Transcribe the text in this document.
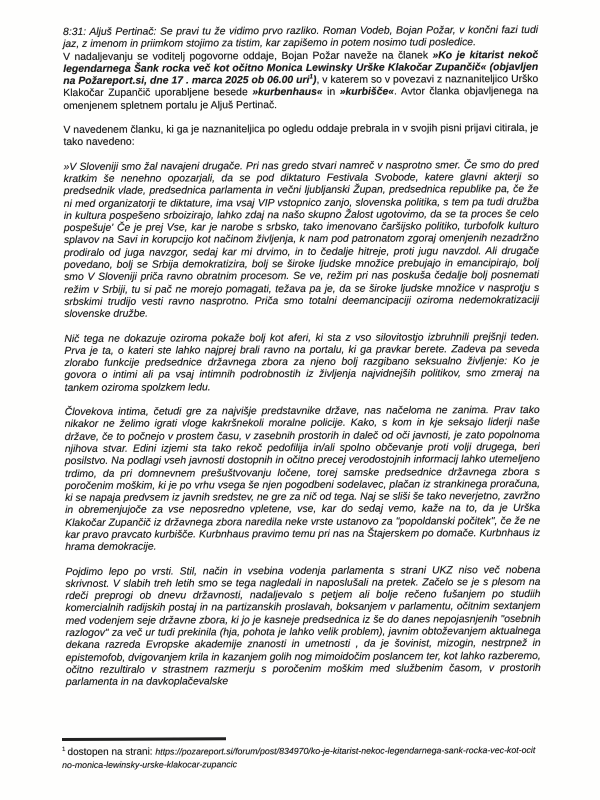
8:31: Aljuš Pertinač: Se pravi tu že vidimo prvo razliko. Roman Vodeb, Bojan Požar, v končni fazi tudi jaz, z imenom in priimkom stojimo za tistim, kar zapišemo in potem nosimo tudi posledice.
V nadaljevanju se voditelj pogovorne oddaje, Bojan Požar naveže na članek »Ko je kitarist nekoč legendarnega Šank rocka več kot očitno Monica Lewinsky Urške Klakočar Zupančič« (objavljen na Požareport.si, dne 17 . marca 2025 ob 06.00 uri$^1$), v katerem so v povezavi z naznaniteljico Urško Klakočar Zupančič uporabljene besede »kurbenhaus« in »kurbišče«. Avtor članka objavljenega na omenjenem spletnem portalu je Aljuš Pertinač.

V navedenem članku, ki ga je naznaniteljica po ogledu oddaje prebrala in v svojih pisni prijavi citirala, je tako navedeno:

»V Sloveniji smo žal navajeni drugače. Pri nas gredo stvari namreč v nasprotno smer. Če smo do pred kratkim še nenehno opozarjali, da se pod diktaturo Festivala Svobode, katere glavni akterji so predsednik vlade, predsednica parlamenta in večni ljubljanski Župan, predsednica republike pa, če že ni med organizatorji te diktature, ima vsaj VIP vstopnico zanjo, slovenska politika, s tem pa tudi družba in kultura pospešeno srboizirajo, lahko zdaj na našo skupno Žalost ugotovimo, da se ta proces še celo pospešuje' Če je prej Vse, kar je narobe s srbsko, tako imenovano čaršijsko politiko, turbofolk kulturo splavov na Savi in korupcijo kot načinom življenja, k nam pod patronatom zgoraj omenjenih nezadržno prodiralo od juga navzgor, sedaj kar mi drvimo, in to čedalje hitreje, proti jugu navzdol. Ali drugače povedano, bolj se Srbija demokratizira, bolj se široke ljudske množice prebujajo in emancipirajo, bolj smo V Sloveniji priča ravno obratnim procesom. Se ve, režim pri nas poskuša čedalje bolj posnemati režim v Srbiji, tu si pač ne morejo pomagati, težava pa je, da se široke ljudske množice v nasprotju s srbskimi trudijo vesti ravno nasprotno. Priča smo totalni deemancipaciji oziroma nedemokratizaciji slovenske družbe.

Nič tega ne dokazuje oziroma pokaže bolj kot aferi, ki sta z vso silovitostjo izbruhnili prejšnji teden. Prva je ta, o kateri ste lahko najprej brali ravno na portalu, ki ga pravkar berete. Zadeva pa seveda zlorabo funkcije predsednice državnega zbora za njeno bolj razgibano seksualno življenje: Ko je govora o intimi ali pa vsaj intimnih podrobnostih iz življenja najvidnejših politikov, smo zmeraj na tankem oziroma spolzkem ledu.

Človekova intima, četudi gre za najvišje predstavnike države, nas načeloma ne zanima. Prav tako nikakor ne želimo igrati vloge kakršnekoli moralne policije. Kako, s kom in kje seksajo liderji naše države, če to počnejo v prostem času, v zasebnih prostorih in daleč od oči javnosti, je zato popolnoma njihova stvar. Edini izjemi sta tako rekoč pedofilija in/ali spolno občevanje proti volji drugega, beri posilstvo. Na podlagi vseh javnosti dostopnih in očitno precej verodostojnih informacij lahko utemeljeno trdimo, da pri domnevnem prešuštvovanju ločene, torej samske predsednice državnega zbora s poročenim moškim, ki je po vrhu vsega še njen pogodbeni sodelavec, plačan iz strankinega proračuna, ki se napaja predvsem iz javnih sredstev, ne gre za nič od tega. Naj se sliši še tako neverjetno, zavržno in obremenjujoče za vse neposredno vpletene, vse, kar do sedaj vemo, kaže na to, da je Urška Klakočar Zupančič iz državnega zbora naredila neke vrste ustanovo za "popoldanski počitek", če že ne kar pravo pravcato kurbišče. Kurbnhaus pravimo temu pri nas na Štajerskem po domače. Kurbnhaus iz hrama demokracije.

Pojdimo lepo po vrsti. Stil, način in vsebina vodenja parlamenta s strani UKZ niso več nobena skrivnost. V slabih treh letih smo se tega nagledali in naposlušali na pretek. Začelo se je s plesom na rdeči preprogi ob dnevu državnosti, nadaljevalo s petjem ali bolje rečeno fušanjem po studiih komercialnih radijskih postaj in na partizanskih proslavah, boksanjem v parlamentu, očitnim sextanjem med vodenjem seje državne zbora, ki jo je kasneje predsednica iz še do danes nepojasnjenih "osebnih razlogov" za več ur tudi prekinila (hja, pohota je lahko velik problem), javnim obtoževanjem aktualnega dekana razreda Evropske akademije znanosti in umetnosti , da je šovinist, mizogin, nestrpnež in epistemofob, dvigovanjem krila in kazanjem golih nog mimoidočim poslancem ter, kot lahko razberemo, očitno rezultiralo v strastnem razmerju s poročenim moškim med službenim časom, v prostorih parlamenta in na davkoplačevalske

$^1$ dostopen na strani: https://pozareport.si/forum/post/834970/ko-je-kitarist-nekoc-legendarnega-sank-rocka-vec-kot-ocitno-monica-lewinsky-urske-klakocar-zupancic
